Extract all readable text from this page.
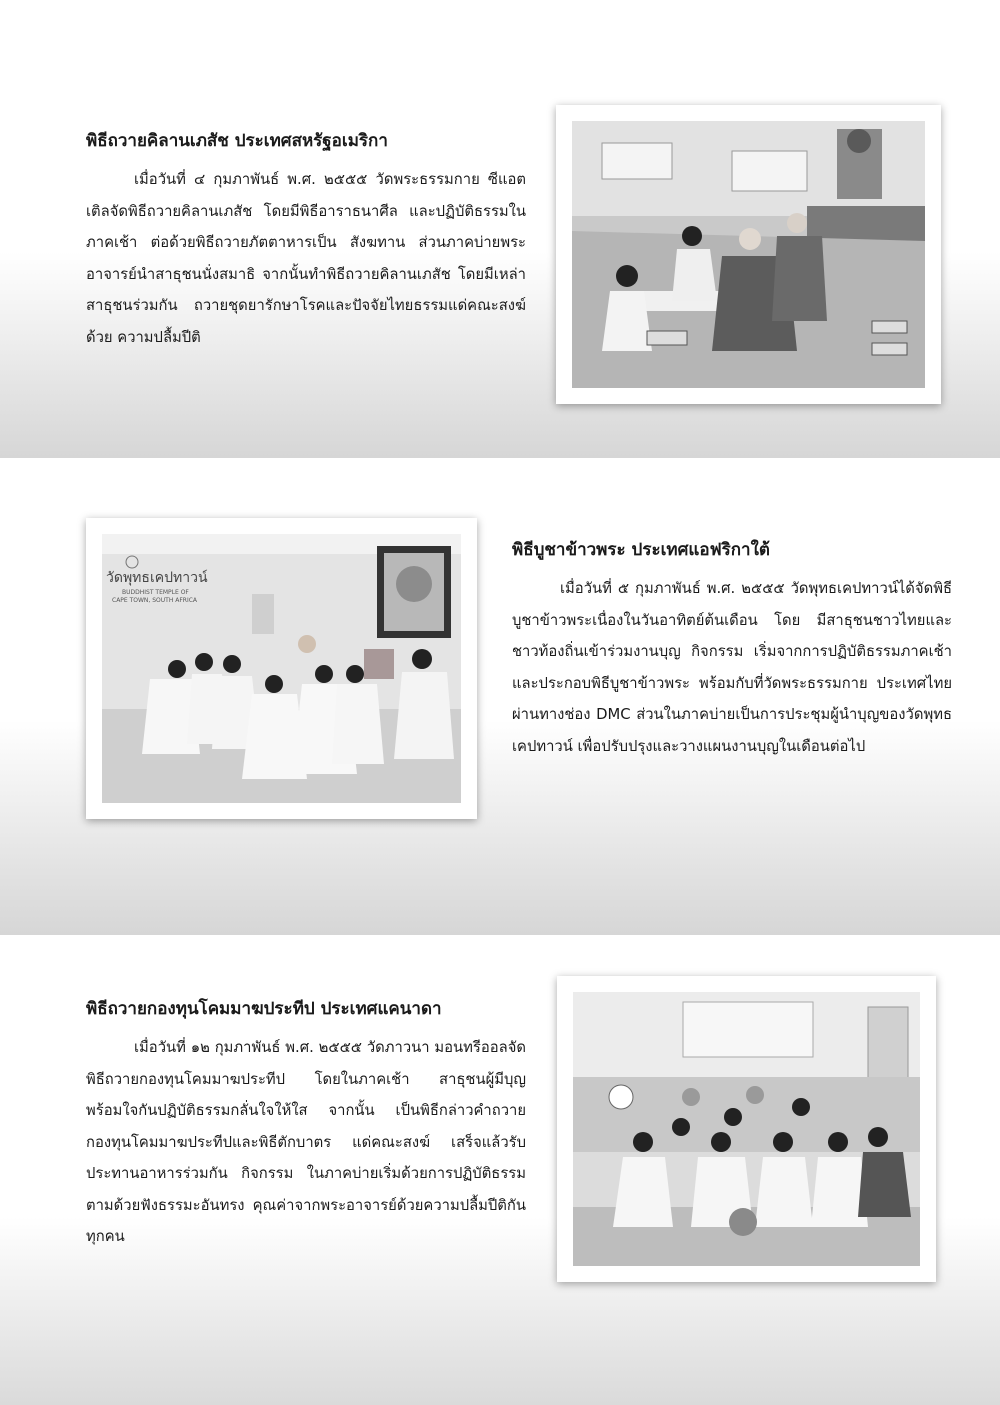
พิธีถวายคิลานเภสัช ประเทศสหรัฐอเมริกา

เมื่อวันที่ ๔ กุมภาพันธ์ พ.ศ. ๒๕๕๕ วัดพระธรรมกาย ซีแอตเติลจัดพิธีถวายคิลานเภสัช โดยมีพิธีอาราธนาศีล และปฏิบัติธรรมในภาคเช้า ต่อด้วยพิธีถวายภัตตาหารเป็น สังฆทาน ส่วนภาคบ่ายพระอาจารย์นำสาธุชนนั่งสมาธิ จากนั้นทำพิธีถวายคิลานเภสัช โดยมีเหล่าสาธุชนร่วมกัน ถวายชุดยารักษาโรคและปัจจัยไทยธรรมแด่คณะสงฆ์ด้วย ความปลื้มปีติ

วัดพุทธเคปทาวน์
BUDDHIST TEMPLE OF
CAPE TOWN, SOUTH AFRICA
พิธีบูชาข้าวพระ ประเทศแอฟริกาใต้

เมื่อวันที่ ๕ กุมภาพันธ์ พ.ศ. ๒๕๕๕ วัดพุทธเคปทาวน์ได้จัดพิธีบูชาข้าวพระเนื่องในวันอาทิตย์ต้นเดือน โดย มีสาธุชนชาวไทยและชาวท้องถิ่นเข้าร่วมงานบุญ กิจกรรม เริ่มจากการปฏิบัติธรรมภาคเช้า และประกอบพิธีบูชาข้าวพระ พร้อมกับที่วัดพระธรรมกาย ประเทศไทย ผ่านทางช่อง DMC ส่วนในภาคบ่ายเป็นการประชุมผู้นำบุญของวัดพุทธเคปทาวน์ เพื่อปรับปรุงและวางแผนงานบุญในเดือนต่อไป

พิธีถวายกองทุนโคมมาฆประทีป ประเทศแคนาดา

เมื่อวันที่ ๑๒ กุมภาพันธ์ พ.ศ. ๒๕๕๕ วัดภาวนา มอนทรีออลจัดพิธีถวายกองทุนโคมมาฆประทีป โดยในภาคเช้า สาธุชนผู้มีบุญพร้อมใจกันปฏิบัติธรรมกลั่นใจให้ใส จากนั้น เป็นพิธีกล่าวคำถวายกองทุนโคมมาฆประทีปและพิธีตักบาตร แด่คณะสงฆ์ เสร็จแล้วรับประทานอาหารร่วมกัน กิจกรรม ในภาคบ่ายเริ่มด้วยการปฏิบัติธรรม ตามด้วยฟังธรรมะอันทรง คุณค่าจากพระอาจารย์ด้วยความปลื้มปีติกันทุกคน
